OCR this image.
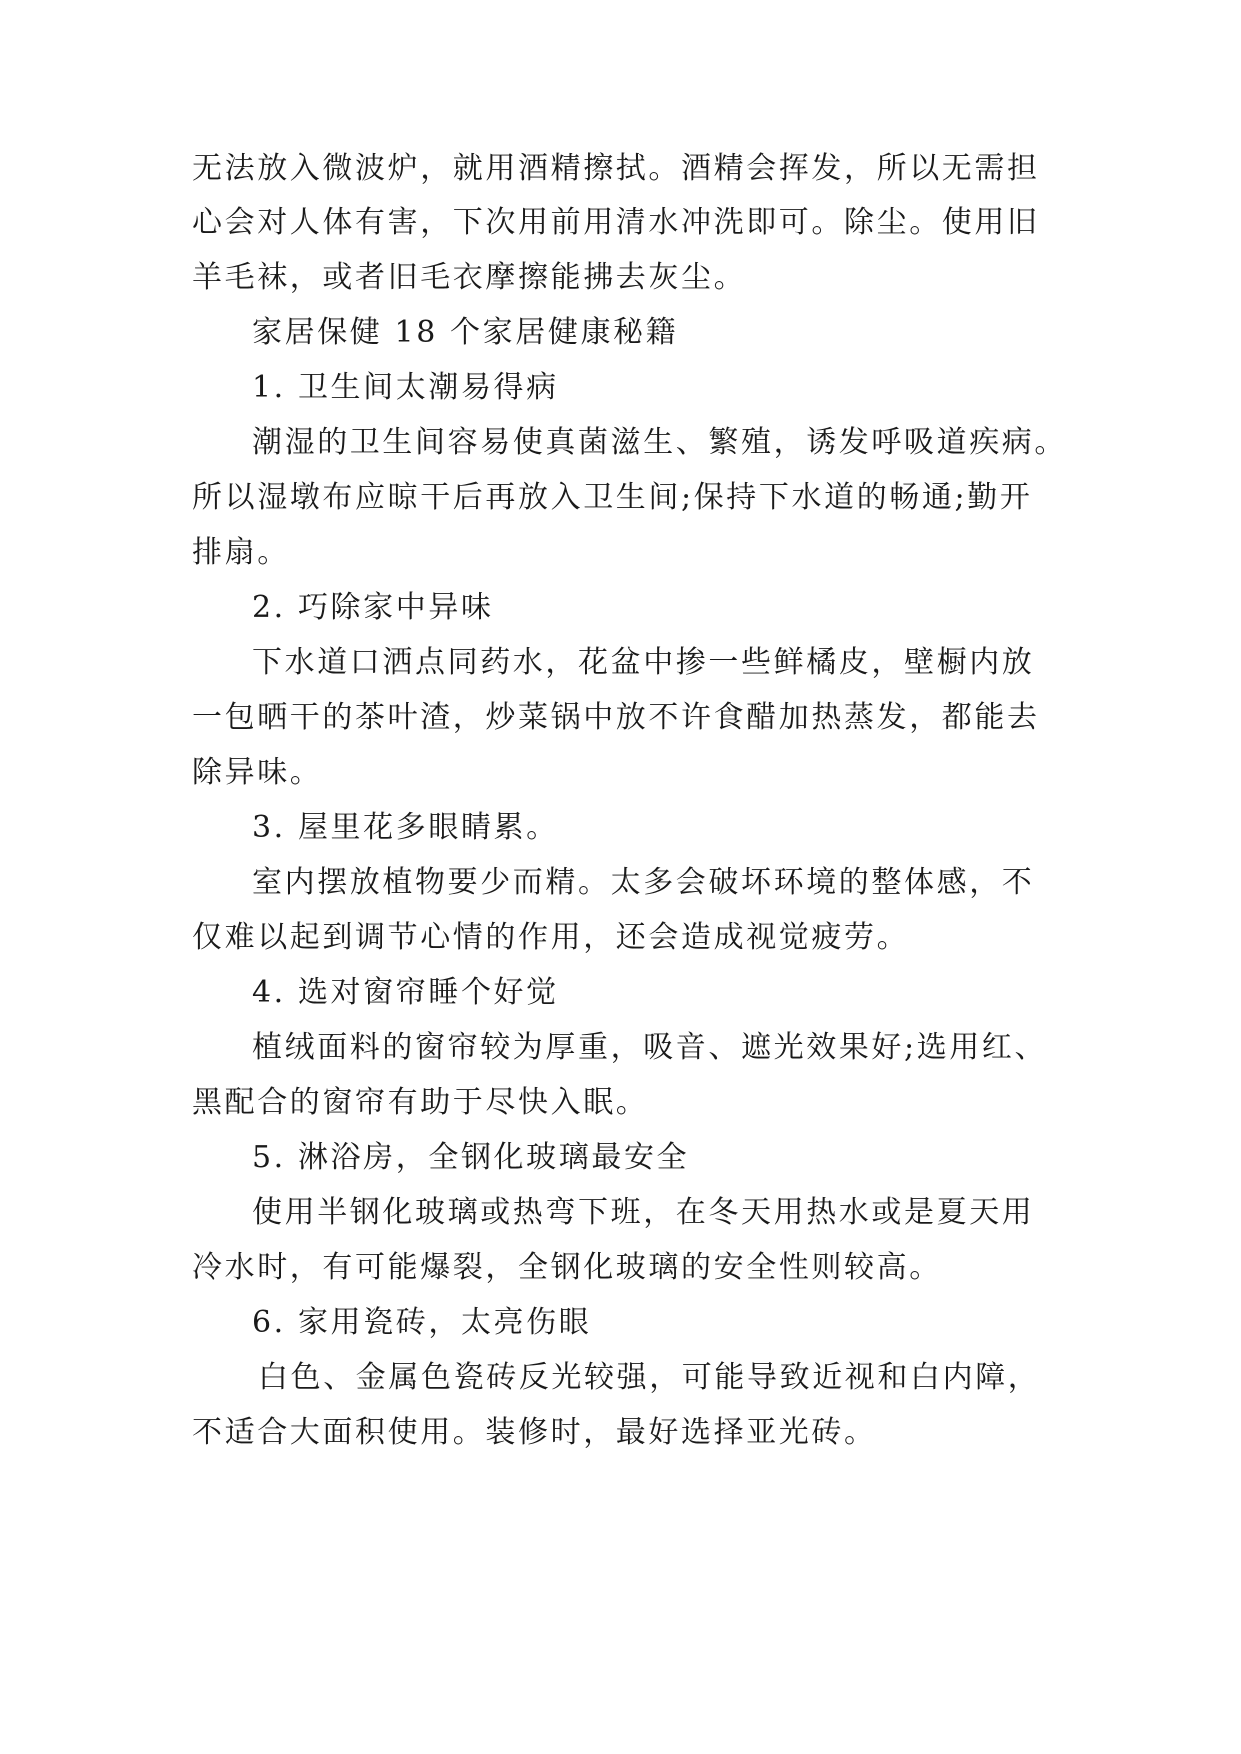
无法放入微波炉，就用酒精擦拭。酒精会挥发，所以无需担
心会对人体有害，下次用前用清水冲洗即可。除尘。使用旧
羊毛袜，或者旧毛衣摩擦能拂去灰尘。
家居保健 18 个家居健康秘籍
1. 卫生间太潮易得病
潮湿的卫生间容易使真菌滋生、繁殖，诱发呼吸道疾病。
所以湿墩布应晾干后再放入卫生间;保持下水道的畅通;勤开
排扇。
2. 巧除家中异味
下水道口洒点同药水，花盆中掺一些鲜橘皮，壁橱内放
一包晒干的茶叶渣，炒菜锅中放不许食醋加热蒸发，都能去
除异味。
3. 屋里花多眼睛累。
室内摆放植物要少而精。太多会破坏环境的整体感，不
仅难以起到调节心情的作用，还会造成视觉疲劳。
4. 选对窗帘睡个好觉
植绒面料的窗帘较为厚重，吸音、遮光效果好;选用红、
黑配合的窗帘有助于尽快入眠。
5. 淋浴房，全钢化玻璃最安全
使用半钢化玻璃或热弯下班，在冬天用热水或是夏天用
冷水时，有可能爆裂，全钢化玻璃的安全性则较高。
6. 家用瓷砖，太亮伤眼
白色、金属色瓷砖反光较强，可能导致近视和白内障，
不适合大面积使用。装修时，最好选择亚光砖。
